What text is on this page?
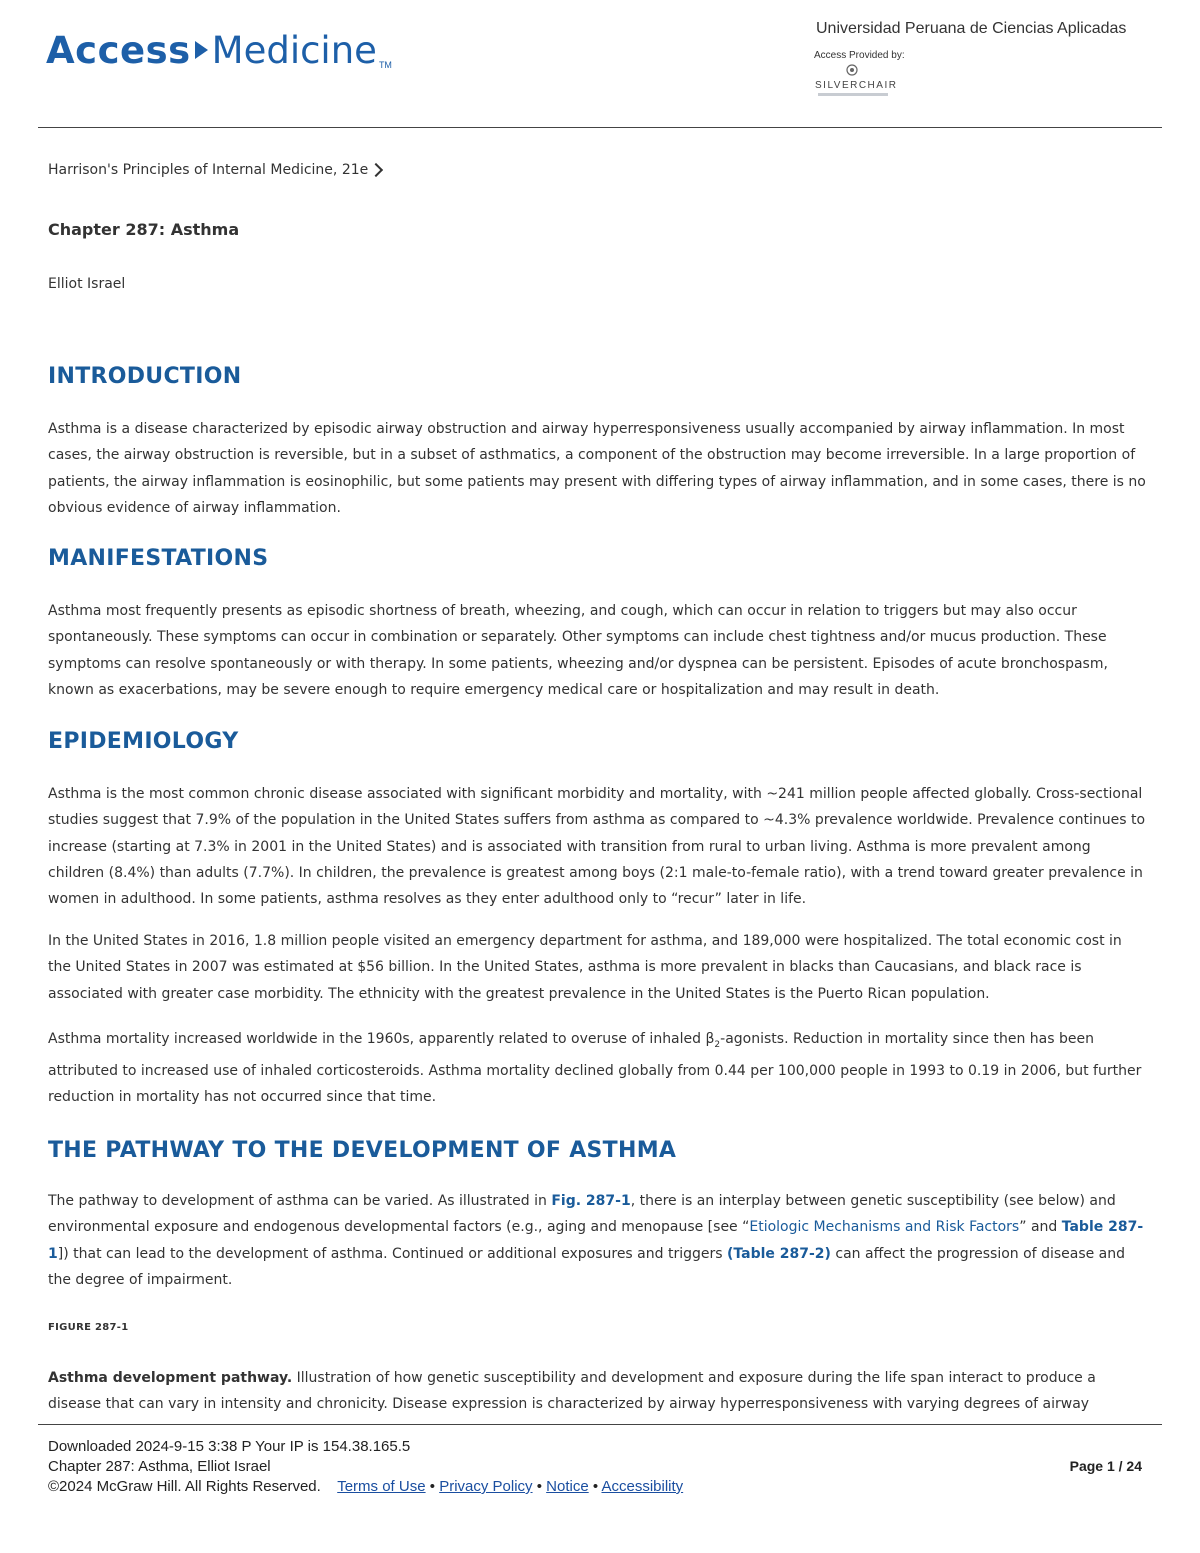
Access Medicine TM
Universidad Peruana de Ciencias Aplicadas
Access Provided by:
SILVERCHAIR
Harrison's Principles of Internal Medicine, 21e
Chapter 287: Asthma
Elliot Israel
INTRODUCTION

Asthma is a disease characterized by episodic airway obstruction and airway hyperresponsiveness usually accompanied by airway inflammation. In most cases, the airway obstruction is reversible, but in a subset of asthmatics, a component of the obstruction may become irreversible. In a large proportion of patients, the airway inflammation is eosinophilic, but some patients may present with differing types of airway inflammation, and in some cases, there is no obvious evidence of airway inflammation.

MANIFESTATIONS

Asthma most frequently presents as episodic shortness of breath, wheezing, and cough, which can occur in relation to triggers but may also occur spontaneously. These symptoms can occur in combination or separately. Other symptoms can include chest tightness and/or mucus production. These symptoms can resolve spontaneously or with therapy. In some patients, wheezing and/or dyspnea can be persistent. Episodes of acute bronchospasm, known as exacerbations, may be severe enough to require emergency medical care or hospitalization and may result in death.

EPIDEMIOLOGY

Asthma is the most common chronic disease associated with significant morbidity and mortality, with ~241 million people affected globally. Cross-sectional studies suggest that 7.9% of the population in the United States suffers from asthma as compared to ~4.3% prevalence worldwide. Prevalence continues to increase (starting at 7.3% in 2001 in the United States) and is associated with transition from rural to urban living. Asthma is more prevalent among children (8.4%) than adults (7.7%). In children, the prevalence is greatest among boys (2:1 male-to-female ratio), with a trend toward greater prevalence in women in adulthood. In some patients, asthma resolves as they enter adulthood only to “recur” later in life.

In the United States in 2016, 1.8 million people visited an emergency department for asthma, and 189,000 were hospitalized. The total economic cost in the United States in 2007 was estimated at $56 billion. In the United States, asthma is more prevalent in blacks than Caucasians, and black race is associated with greater case morbidity. The ethnicity with the greatest prevalence in the United States is the Puerto Rican population.

Asthma mortality increased worldwide in the 1960s, apparently related to overuse of inhaled $\beta_2$-agonists. Reduction in mortality since then has been attributed to increased use of inhaled corticosteroids. Asthma mortality declined globally from 0.44 per 100,000 people in 1993 to 0.19 in 2006, but further reduction in mortality has not occurred since that time.

THE PATHWAY TO THE DEVELOPMENT OF ASTHMA

The pathway to development of asthma can be varied. As illustrated in Fig. 287-1, there is an interplay between genetic susceptibility (see below) and environmental exposure and endogenous developmental factors (e.g., aging and menopause [see “Etiologic Mechanisms and Risk Factors” and Table 287-1]) that can lead to the development of asthma. Continued or additional exposures and triggers (Table 287-2) can affect the progression of disease and the degree of impairment.

FIGURE 287-1

Asthma development pathway. Illustration of how genetic susceptibility and development and exposure during the life span interact to produce a disease that can vary in intensity and chronicity. Disease expression is characterized by airway hyperresponsiveness with varying degrees of airway

Downloaded 2024-9-15 3:38 P Your IP is 154.38.165.5
Chapter 287: Asthma, Elliot Israel
©2024 McGraw Hill. All Rights Reserved. Terms of Use • Privacy Policy • Notice • Accessibility
Page 1 / 24
